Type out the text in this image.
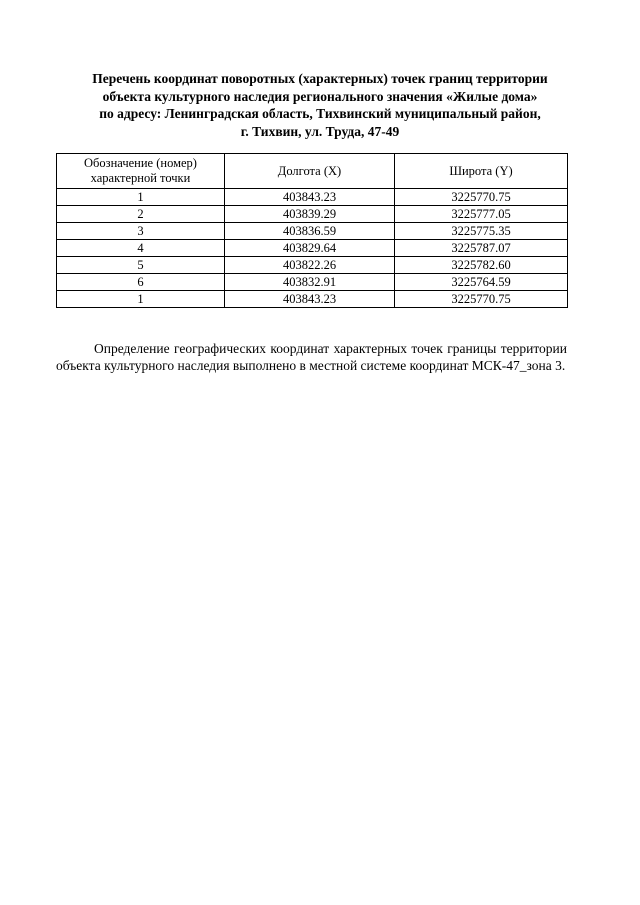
Перечень координат поворотных (характерных) точек границ территории
объекта культурного наследия регионального значения «Жилые дома»
по адресу: Ленинградская область, Тихвинский муниципальный район,
г. Тихвин, ул. Труда, 47-49
Обозначение (номер)
характерной точки	Долгота (X)	Широта (Y)
1	403843.23	3225770.75
2	403839.29	3225777.05
3	403836.59	3225775.35
4	403829.64	3225787.07
5	403822.26	3225782.60
6	403832.91	3225764.59
1	403843.23	3225770.75

Определение географических координат характерных точек границы территории объекта культурного наследия выполнено в местной системе координат МСК-47_зона 3.
